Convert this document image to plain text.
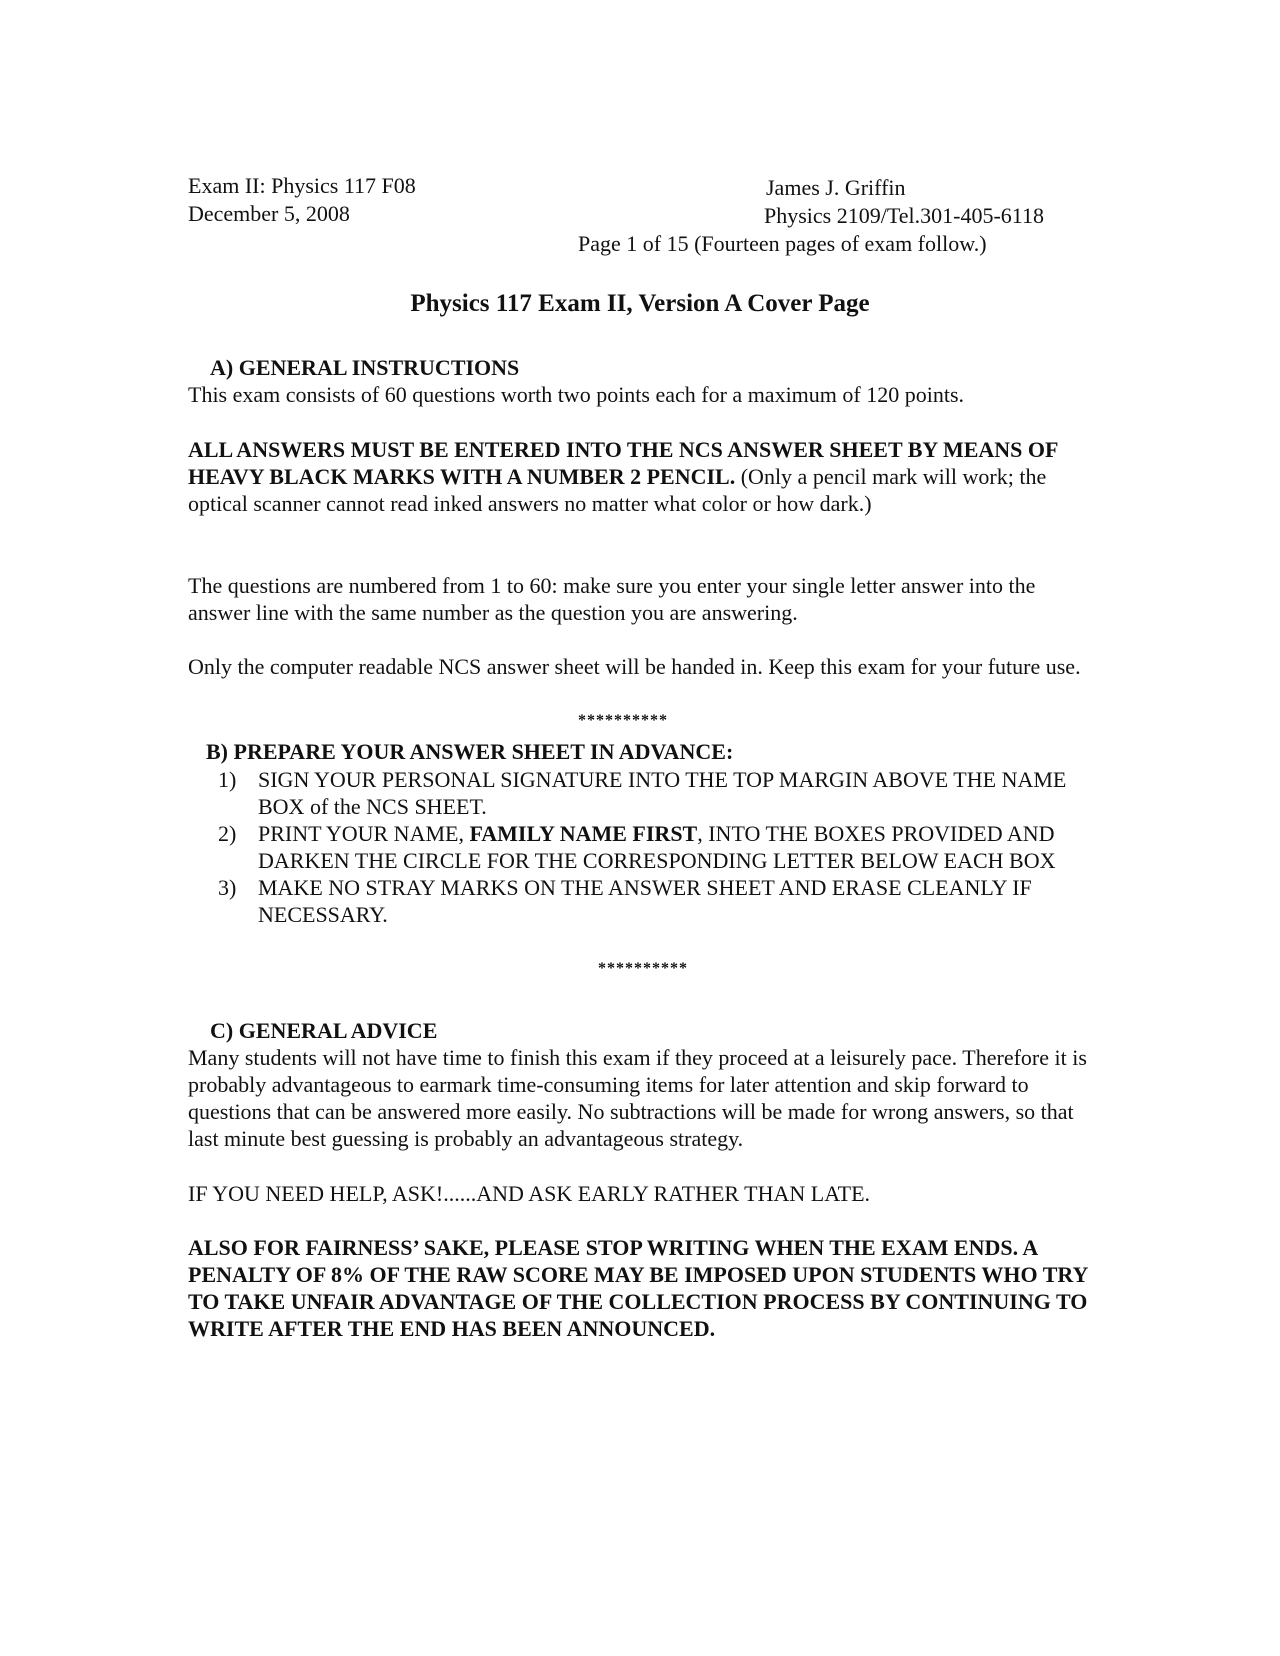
Exam II: Physics 117 F08
December 5, 2008
James J. Griffin
Physics 2109/Tel.301-405-6118
Page 1 of 15 (Fourteen pages of exam follow.)
Physics 117 Exam II, Version A Cover Page
A) GENERAL INSTRUCTIONS
This exam consists of 60 questions worth two points each for a maximum of 120 points.
ALL ANSWERS MUST BE ENTERED INTO THE NCS ANSWER SHEET BY MEANS OF HEAVY BLACK MARKS WITH A NUMBER 2 PENCIL. (Only a pencil mark will work; the optical scanner cannot read inked answers no matter what color or how dark.)
The questions are numbered from 1 to 60: make sure you enter your single letter answer into the answer line with the same number as the question you are answering.
Only the computer readable NCS answer sheet will be handed in. Keep this exam for your future use.
**********
B) PREPARE YOUR ANSWER SHEET IN ADVANCE:
1) SIGN YOUR PERSONAL SIGNATURE INTO THE TOP MARGIN ABOVE THE NAME BOX of the NCS SHEET.
2) PRINT YOUR NAME, FAMILY NAME FIRST, INTO THE BOXES PROVIDED AND DARKEN THE CIRCLE FOR THE CORRESPONDING LETTER BELOW EACH BOX
3) MAKE NO STRAY MARKS ON THE ANSWER SHEET AND ERASE CLEANLY IF NECESSARY.
**********
C) GENERAL ADVICE
Many students will not have time to finish this exam if they proceed at a leisurely pace. Therefore it is probably advantageous to earmark time-consuming items for later attention and skip forward to questions that can be answered more easily. No subtractions will be made for wrong answers, so that last minute best guessing is probably an advantageous strategy.
IF YOU NEED HELP, ASK!......AND ASK EARLY RATHER THAN LATE.
ALSO FOR FAIRNESS’ SAKE, PLEASE STOP WRITING WHEN THE EXAM ENDS. A PENALTY OF 8% OF THE RAW SCORE MAY BE IMPOSED UPON STUDENTS WHO TRY TO TAKE UNFAIR ADVANTAGE OF THE COLLECTION PROCESS BY CONTINUING TO WRITE AFTER THE END HAS BEEN ANNOUNCED.
